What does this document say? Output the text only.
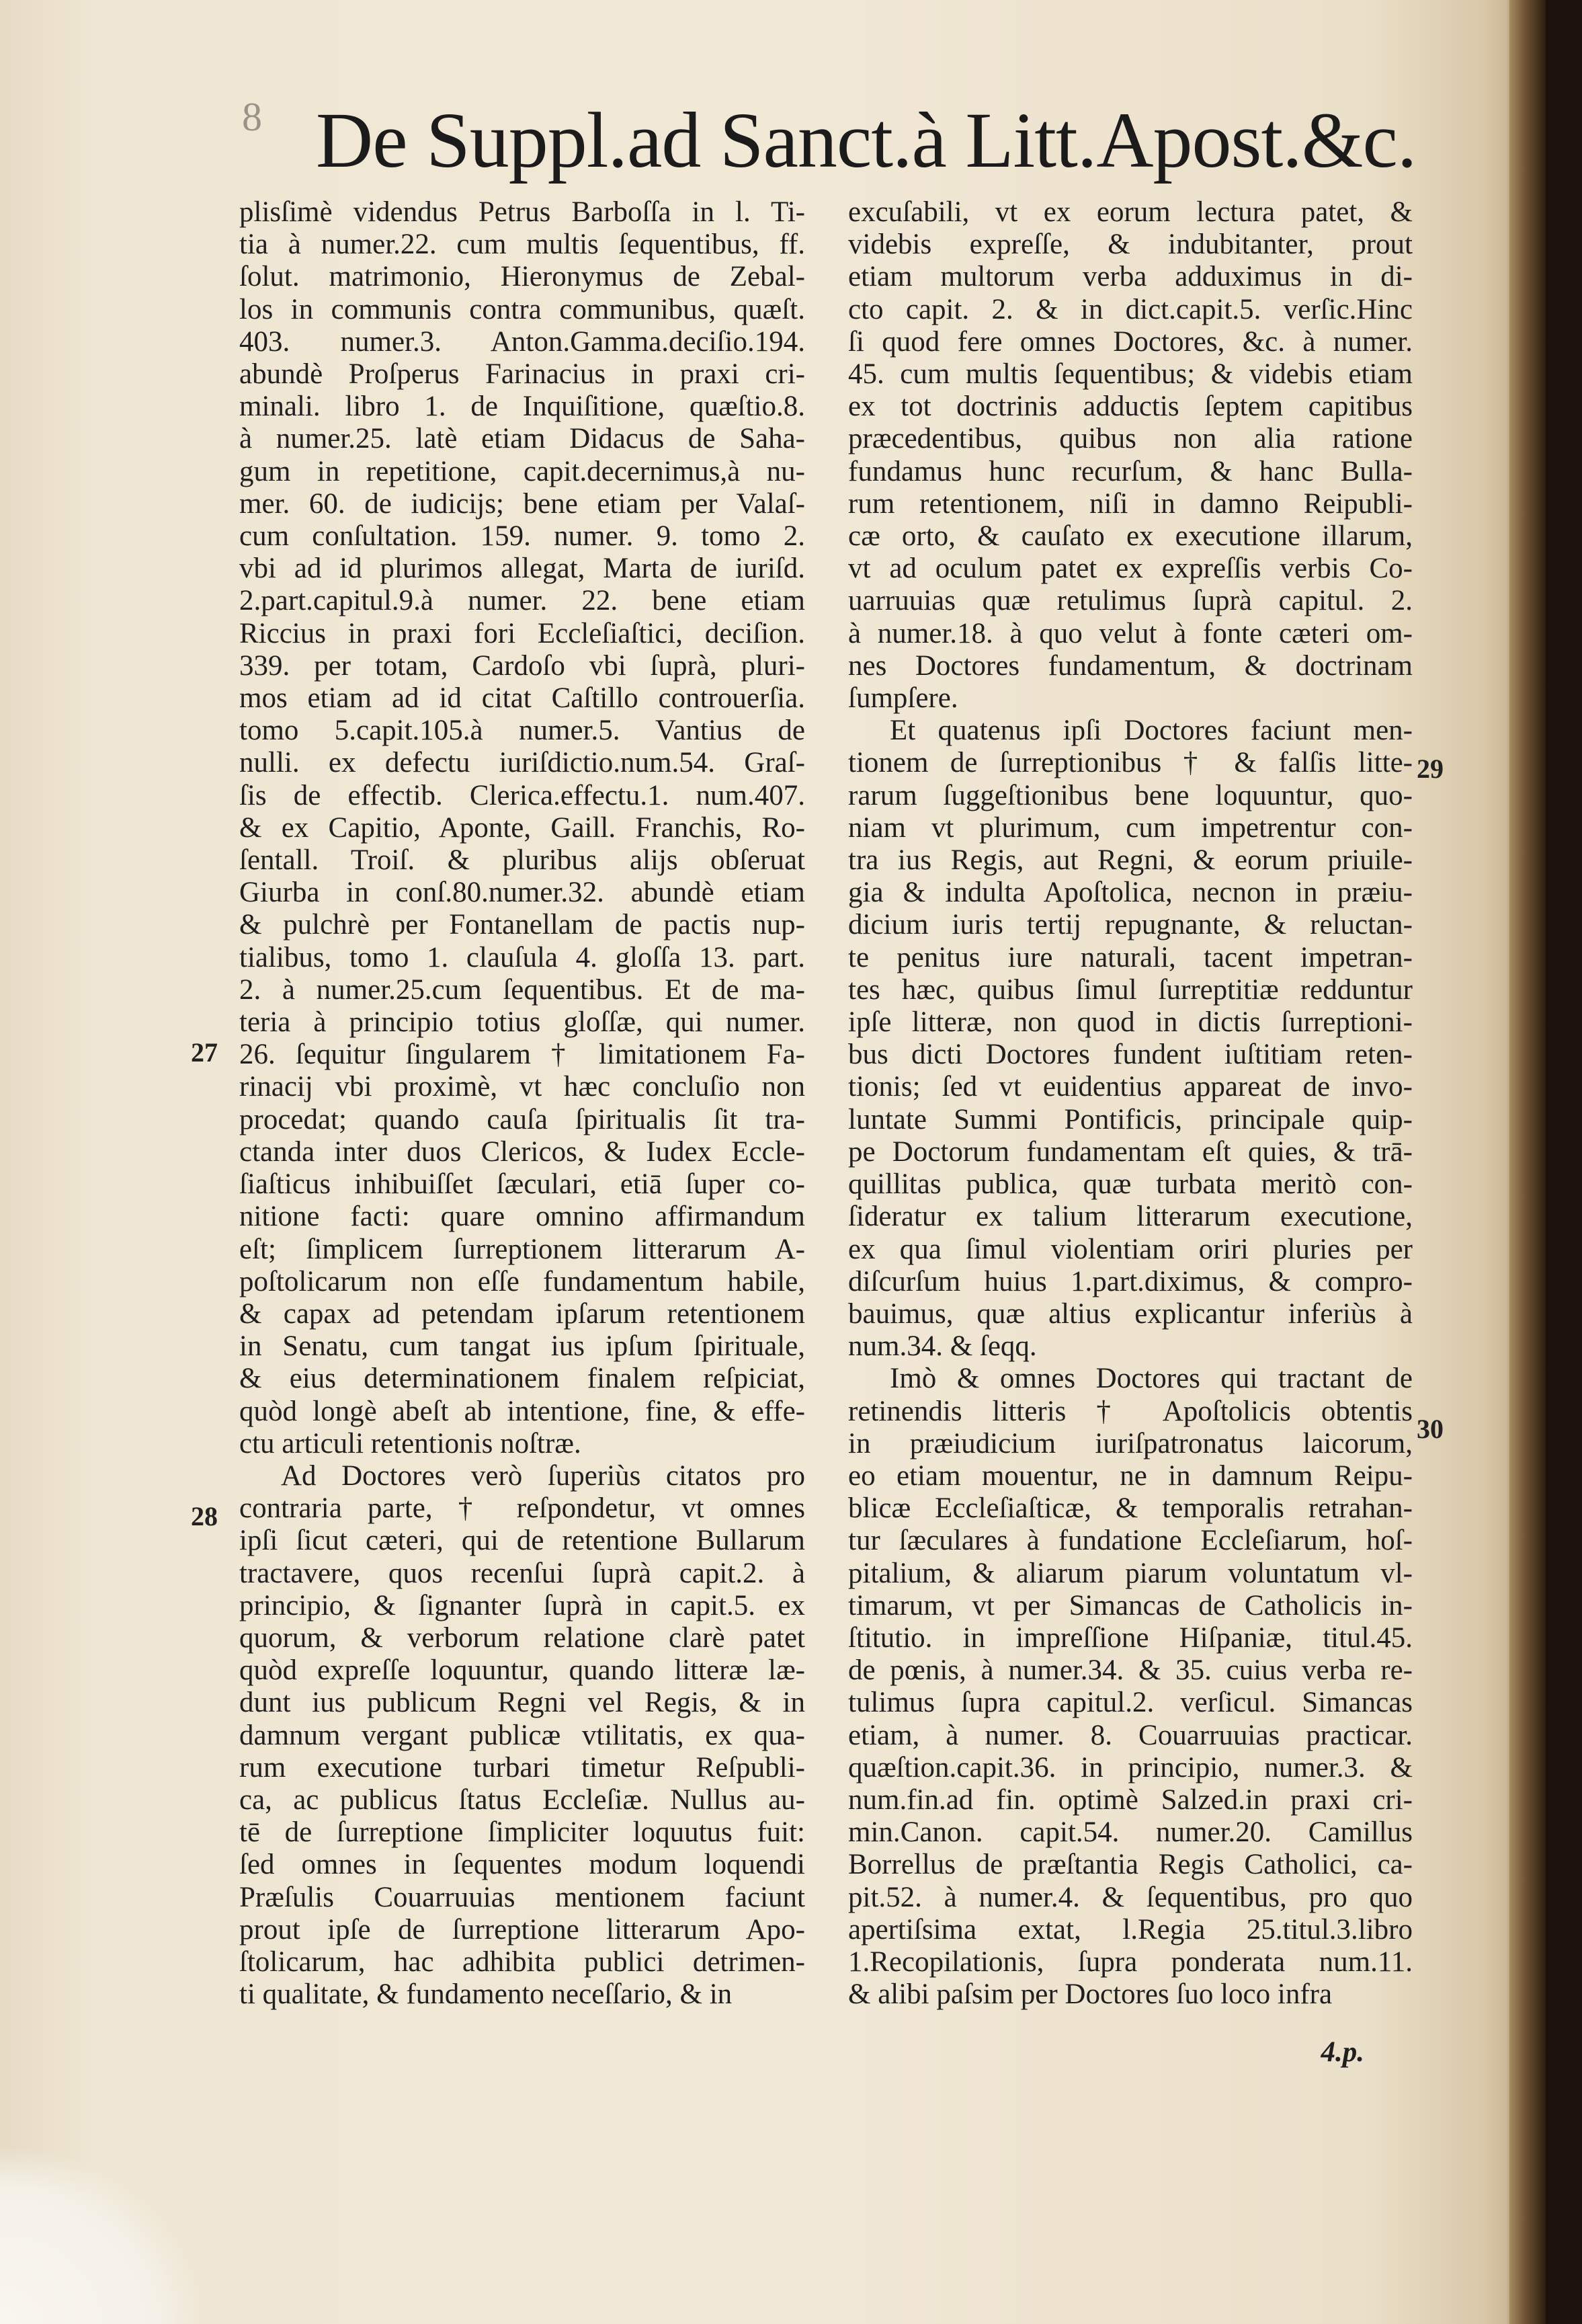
8 De Suppl.ad Sanct.à Litt.Apost.&c.
plisſimè videndus Petrus Barboſſa in l. Ti-
tia à numer.22. cum multis ſequentibus, ff.
ſolut. matrimonio, Hieronymus de Zebal-
los in communis contra communibus, quæſt.
403. numer.3. Anton.Gamma.deciſio.194.
abundè Proſperus Farinacius in praxi cri-
minali. libro 1. de Inquiſitione, quæſtio.8.
à numer.25. latè etiam Didacus de Saha-
gum in repetitione, capit.decernimus,à nu-
mer. 60. de iudicijs; bene etiam per Valaſ-
cum conſultation. 159. numer. 9. tomo 2.
vbi ad id plurimos allegat, Marta de iuriſd.
2.part.capitul.9.à numer. 22. bene etiam
Riccius in praxi fori Eccleſiaſtici, deciſion.
339. per totam, Cardoſo vbi ſuprà, pluri-
mos etiam ad id citat Caſtillo controuerſia.
tomo 5.capit.105.à numer.5. Vantius de
nulli. ex defectu iuriſdictio.num.54. Graſ-
ſis de effectib. Clerica.effectu.1. num.407.
& ex Capitio, Aponte, Gaill. Franchis, Ro-
ſentall. Troiſ. & pluribus alijs obſeruat
Giurba in conſ.80.numer.32. abundè etiam
& pulchrè per Fontanellam de pactis nup-
tialibus, tomo 1. clauſula 4. gloſſa 13. part.
2. à numer.25.cum ſequentibus. Et de ma-
teria à principio totius gloſſæ, qui numer.
26. ſequitur ſingularem † limitationem Fa-
rinacij vbi proximè, vt hæc concluſio non
procedat; quando cauſa ſpiritualis ſit tra-
ctanda inter duos Clericos, & Iudex Eccle-
ſiaſticus inhibuiſſet ſæculari, etiā ſuper co-
nitione facti: quare omnino affirmandum
eſt; ſimplicem ſurreptionem litterarum A-
poſtolicarum non eſſe fundamentum habile,
& capax ad petendam ipſarum retentionem
in Senatu, cum tangat ius ipſum ſpirituale,
& eius determinationem finalem reſpiciat,
quòd longè abeſt ab intentione, fine, & effe-
ctu articuli retentionis noſtræ.
Ad Doctores verò ſuperiùs citatos pro
contraria parte, † reſpondetur, vt omnes
ipſi ſicut cæteri, qui de retentione Bullarum
tractavere, quos recenſui ſuprà capit.2. à
principio, & ſignanter ſuprà in capit.5. ex
quorum, & verborum relatione clarè patet
quòd expreſſe loquuntur, quando litteræ læ-
dunt ius publicum Regni vel Regis, & in
damnum vergant publicæ vtilitatis, ex qua-
rum executione turbari timetur Reſpubli-
ca, ac publicus ſtatus Eccleſiæ. Nullus au-
tē de ſurreptione ſimpliciter loquutus fuit:
ſed omnes in ſequentes modum loquendi
Præſulis Couarruuias mentionem faciunt
prout ipſe de ſurreptione litterarum Apo-
ſtolicarum, hac adhibita publici detrimen-
ti qualitate, & fundamento neceſſario, & in
excuſabili, vt ex eorum lectura patet, &
videbis expreſſe, & indubitanter, prout
etiam multorum verba adduximus in di-
cto capit. 2. & in dict.capit.5. verſic.Hinc
ſi quod fere omnes Doctores, &c. à numer.
45. cum multis ſequentibus; & videbis etiam
ex tot doctrinis adductis ſeptem capitibus
præcedentibus, quibus non alia ratione
fundamus hunc recurſum, & hanc Bulla-
rum retentionem, niſi in damno Reipubli-
cæ orto, & cauſato ex executione illarum,
vt ad oculum patet ex expreſſis verbis Co-
uarruuias quæ retulimus ſuprà capitul. 2.
à numer.18. à quo velut à fonte cæteri om-
nes Doctores fundamentum, & doctrinam
ſumpſere.
Et quatenus ipſi Doctores faciunt men-
tionem de ſurreptionibus † & falſis litte-
rarum ſuggeſtionibus bene loquuntur, quo-
niam vt plurimum, cum impetrentur con-
tra ius Regis, aut Regni, & eorum priuile-
gia & indulta Apoſtolica, necnon in præiu-
dicium iuris tertij repugnante, & reluctan-
te penitus iure naturali, tacent impetran-
tes hæc, quibus ſimul ſurreptitiæ redduntur
ipſe litteræ, non quod in dictis ſurreptioni-
bus dicti Doctores fundent iuſtitiam reten-
tionis; ſed vt euidentius appareat de invo-
luntate Summi Pontificis, principale quip-
pe Doctorum fundamentam eſt quies, & trā-
quillitas publica, quæ turbata meritò con-
ſideratur ex talium litterarum executione,
ex qua ſimul violentiam oriri pluries per
diſcurſum huius 1.part.diximus, & compro-
bauimus, quæ altius explicantur inferiùs à
num.34. & ſeqq.
Imò & omnes Doctores qui tractant de
retinendis litteris † Apoſtolicis obtentis
in præiudicium iuriſpatronatus laicorum,
eo etiam mouentur, ne in damnum Reipu-
blicæ Eccleſiaſticæ, & temporalis retrahan-
tur ſæculares à fundatione Eccleſiarum, hoſ-
pitalium, & aliarum piarum voluntatum vl-
timarum, vt per Simancas de Catholicis in-
ſtitutio. in impreſſione Hiſpaniæ, titul.45.
de pœnis, à numer.34. & 35. cuius verba re-
tulimus ſupra capitul.2. verſicul. Simancas
etiam, à numer. 8. Couarruuias practicar.
quæſtion.capit.36. in principio, numer.3. &
num.fin.ad fin. optimè Salzed.in praxi cri-
min.Canon. capit.54. numer.20. Camillus
Borrellus de præſtantia Regis Catholici, ca-
pit.52. à numer.4. & ſequentibus, pro quo
apertiſsima extat, l.Regia 25.titul.3.libro
1.Recopilationis, ſupra ponderata num.11.
& alibi paſsim per Doctores ſuo loco infra
27
28
29
30
4.p.
